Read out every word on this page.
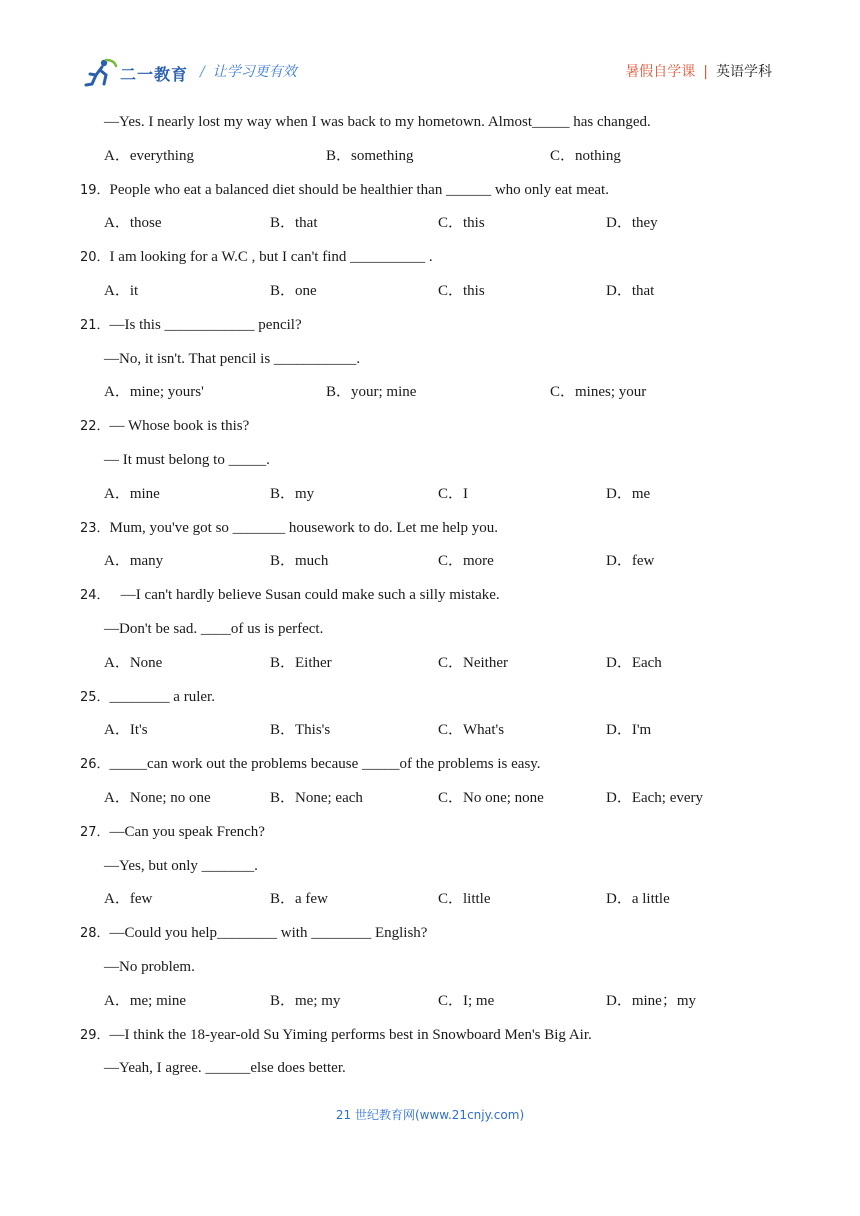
二一教育 / 让学习更有效	暑假自学课 | 英语学科
—Yes. I nearly lost my way when I was back to my hometown. Almost_____ has changed.
A．everything	B．something	C．nothing
19．People who eat a balanced diet should be healthier than ______ who only eat meat.
A．those	B．that	C．this	D．they
20．I am looking for a W.C , but I can't find __________ .
A．it	B．one	C．this	D．that
21．—Is this ____________ pencil?
—No, it isn't. That pencil is ___________.
A．mine; yours'	B．your; mine	C．mines; your
22．— Whose book is this?
— It must belong to _____.
A．mine	B．my	C．I	D．me
23．Mum, you've got so _______ housework to do. Let me help you.
A．many	B．much	C．more	D．few
24．   —I can't hardly believe Susan could make such a silly mistake.
—Don't be sad. ____of us is perfect.
A．None	B．Either	C．Neither	D．Each
25．________ a ruler.
A．It's	B．This's	C．What's	D．I'm
26．_____can work out the problems because _____of the problems is easy.
A．None; no one	B．None; each	C．No one; none	D．Each; every
27．—Can you speak French?
—Yes, but only _______.
A．few	B．a few	C．little	D．a little
28．—Could you help________ with ________ English?
—No problem.
A．me; mine	B．me; my	C．I; me	D．mine；my
29．—I think the 18-year-old Su Yiming performs best in Snowboard Men's Big Air.
—Yeah, I agree. ______else does better.
21 世纪教育网(www.21cnjy.com)
